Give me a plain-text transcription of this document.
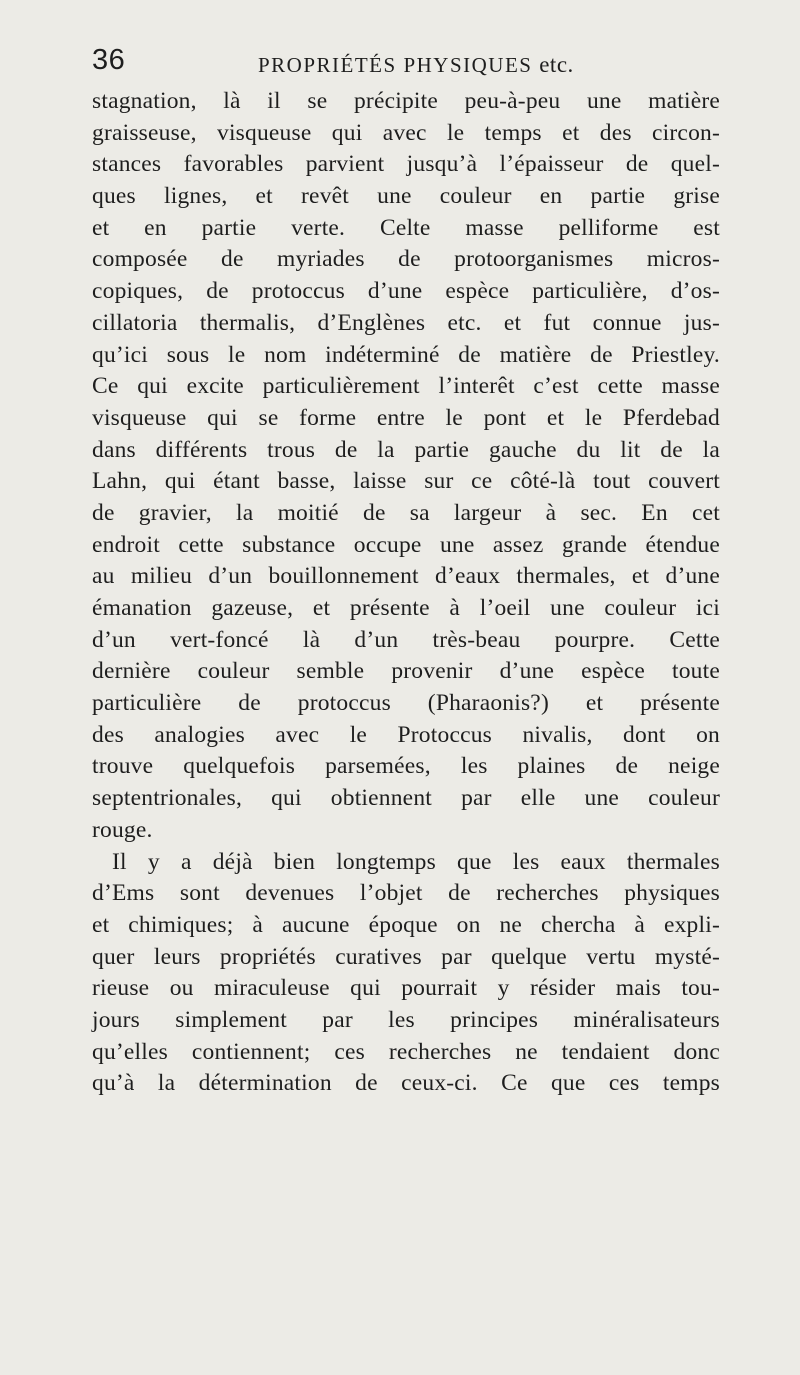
36	PROPRIÉTÉS PHYSIQUES etc.
stagnation, là il se précipite peu-à-peu une matière
graisseuse, visqueuse qui avec le temps et des circon-
stances favorables parvient jusqu’à l’épaisseur de quel-
ques lignes, et revêt une couleur en partie grise
et en partie verte. Celte masse pelliforme est
composée de myriades de protoorganismes micros-
copiques, de protoccus d’une espèce particulière, d’os-
cillatoria thermalis, d’Englènes etc. et fut connue jus-
qu’ici sous le nom indéterminé de matière de Priestley.
Ce qui excite particulièrement l’interêt c’est cette masse
visqueuse qui se forme entre le pont et le Pferdebad
dans différents trous de la partie gauche du lit de la
Lahn, qui étant basse, laisse sur ce côté-là tout couvert
de gravier, la moitié de sa largeur à sec. En cet
endroit cette substance occupe une assez grande étendue
au milieu d’un bouillonnement d’eaux thermales, et d’une
émanation gazeuse, et présente à l’oeil une couleur ici
d’un vert-foncé là d’un très-beau pourpre. Cette
dernière couleur semble provenir d’une espèce toute
particulière de protoccus (Pharaonis?) et présente
des analogies avec le Protoccus nivalis, dont on
trouve quelquefois parsemées, les plaines de neige
septentrionales, qui obtiennent par elle une couleur
rouge.
Il y a déjà bien longtemps que les eaux thermales
d’Ems sont devenues l’objet de recherches physiques
et chimiques; à aucune époque on ne chercha à expli-
quer leurs propriétés curatives par quelque vertu mysté-
rieuse ou miraculeuse qui pourrait y résider mais tou-
jours simplement par les principes minéralisateurs
qu’elles contiennent; ces recherches ne tendaient donc
qu’à la détermination de ceux-ci. Ce que ces temps
